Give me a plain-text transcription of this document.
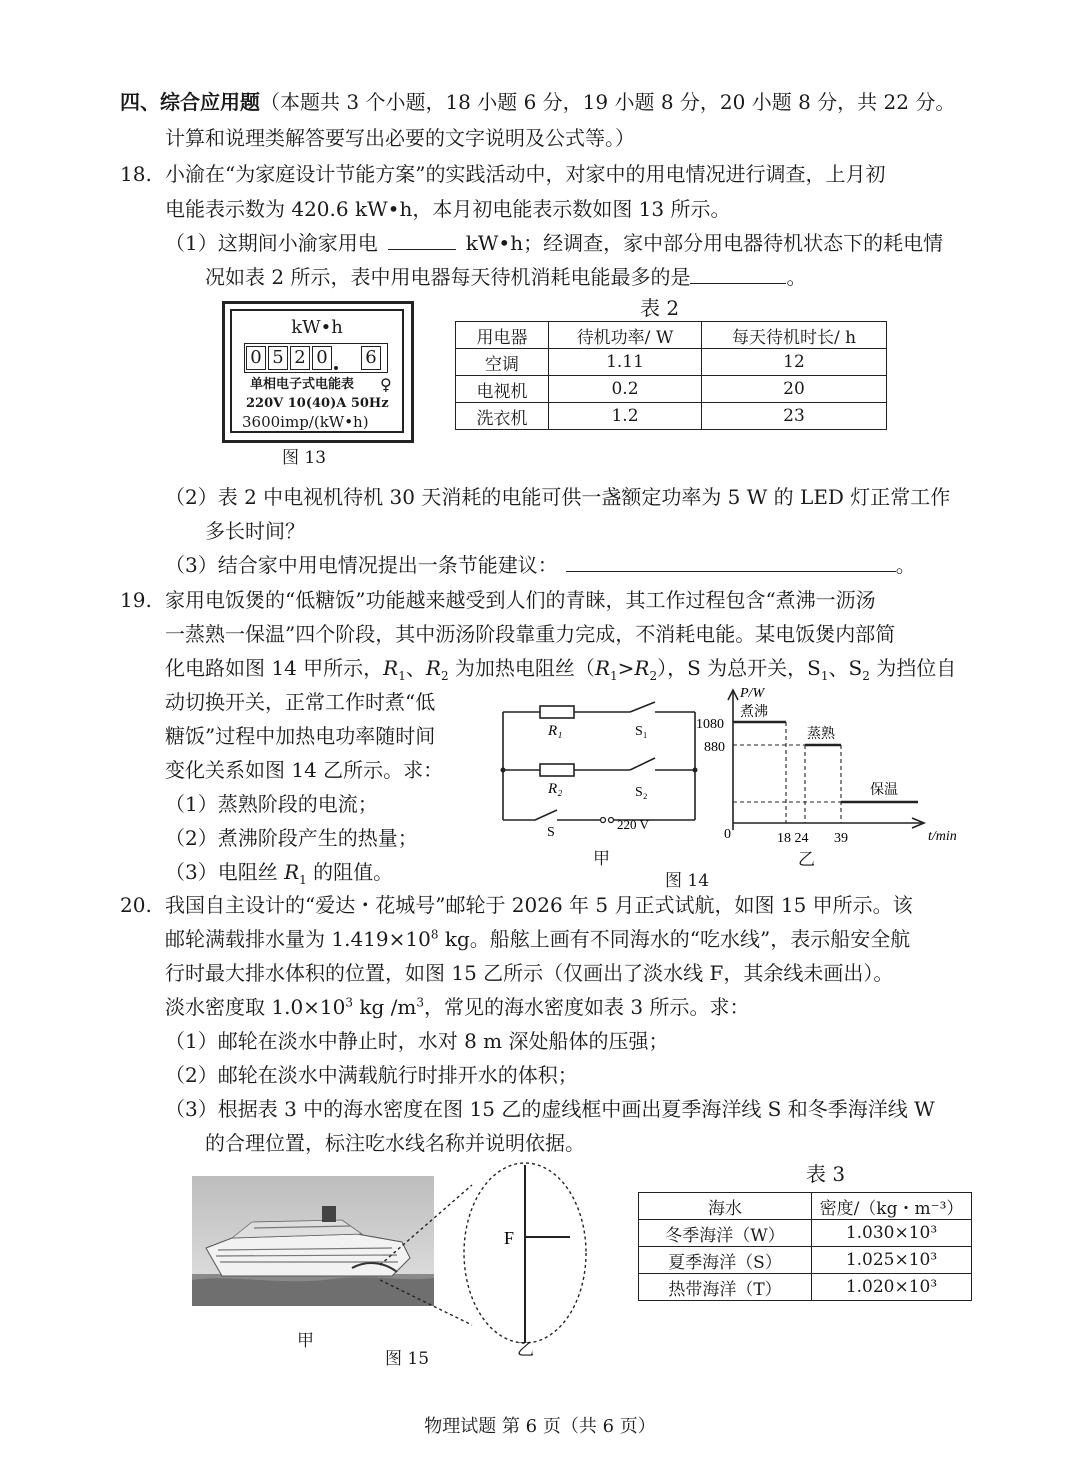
四、综合应用题（本题共 3 个小题，18 小题 6 分，19 小题 8 分，20 小题 8 分，共 22 分。
计算和说理类解答要写出必要的文字说明及公式等。）
18. 小渝在“为家庭设计节能方案”的实践活动中，对家中的用电情况进行调查，上月初
电能表示数为 420.6 kW•h，本月初电能表示数如图 13 所示。
（1）这期间小渝家用电	kW•h；经调查，家中部分用电器待机状态下的耗电情
况如表 2 所示，表中用电器每天待机消耗电能最多的是	。
kW•h
0 5 2 0 6
单相电子式电能表 ♀
220V 10(40)A 50Hz
3600imp/(kW•h)
图 13
表 2
用电器	待机功率/ W	每天待机时长/ h
空调	1.11	12
电视机	0.2	20
洗衣机	1.2	23
（2）表 2 中电视机待机 30 天消耗的电能可供一盏额定功率为 5 W 的 LED 灯正常工作
多长时间？
（3）结合家中用电情况提出一条节能建议：	。
19. 家用电饭煲的“低糖饭”功能越来越受到人们的青睐，其工作过程包含“煮沸一沥汤
一蒸熟一保温”四个阶段，其中沥汤阶段靠重力完成，不消耗电能。某电饭煲内部简
化电路如图 14 甲所示，$R_1$、$R_2$ 为加热电阻丝$(R_1>R_2)$，S 为总开关，$S_1$、$S_2$ 为挡位自
动切换开关，正常工作时煮“低
糖饭”过程中加热电功率随时间
变化关系如图 14 乙所示。求：
（1）蒸熟阶段的电流；
（2）煮沸阶段产生的热量；
（3）电阻丝 $R_1$ 的阻值。
R₁
R₂
S₁
S₂
S
220 V
甲
P/W
t/min
1080
880
0	18 24 39
煮沸
蒸熟
保温
乙
图 14
20. 我国自主设计的“爱达・花城号”邮轮于 2026 年 5 月正式试航，如图 15 甲所示。该
邮轮满载排水量为 $1.419\times 10^8$ kg。船舷上画有不同海水的“吃水线”，表示船安全航
行时最大排水体积的位置，如图 15 乙所示（仅画出了淡水线 F，其余线未画出）。
淡水密度取 $1.0\times 10^3$ kg $/m^3$，常见的海水密度如表 3 所示。求：
（1）邮轮在淡水中静止时，水对 8 m 深处船体的压强；
（2）邮轮在淡水中满载航行时排开水的体积；
（3）根据表 3 中的海水密度在图 15 乙的虚线框中画出夏季海洋线 S 和冬季海洋线 W
的合理位置，标注吃水线名称并说明依据。
甲
图 15
F
乙
表 3
海水	密度/（kg・m⁻³）
冬季海洋（W）	1.030×10³
夏季海洋（S）	1.025×10³
热带海洋（T）	1.020×10³
物理试题 第 6 页（共 6 页）
